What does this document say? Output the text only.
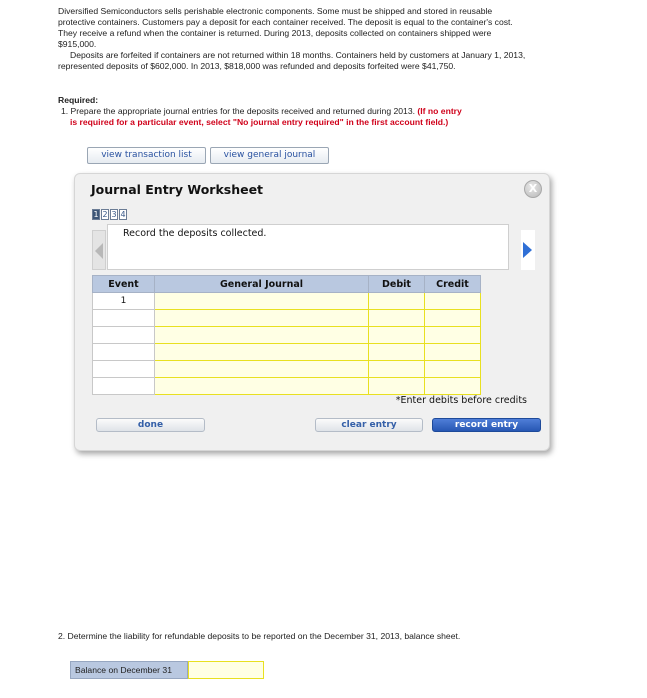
Diversified Semiconductors sells perishable electronic components. Some must be shipped and stored in reusable protective containers. Customers pay a deposit for each container received. The deposit is equal to the container's cost. They receive a refund when the container is returned. During 2013, deposits collected on containers shipped were $915,000.

Deposits are forfeited if containers are not returned within 18 months. Containers held by customers at January 1, 2013, represented deposits of $602,000. In 2013, $818,000 was refunded and deposits forfeited were $41,750.

Required:
1. Prepare the appropriate journal entries for the deposits received and returned during 2013. (If no entry
is required for a particular event, select "No journal entry required" in the first account field.)
view transaction list	view general journal
Journal Entry Worksheet	X
1 2 3 4
Record the deposits collected.
Event	General Journal	Debit	Credit
1			

*Enter debits before credits
done	clear entry	record entry
2. Determine the liability for refundable deposits to be reported on the December 31, 2013, balance sheet.
Balance on December 31
